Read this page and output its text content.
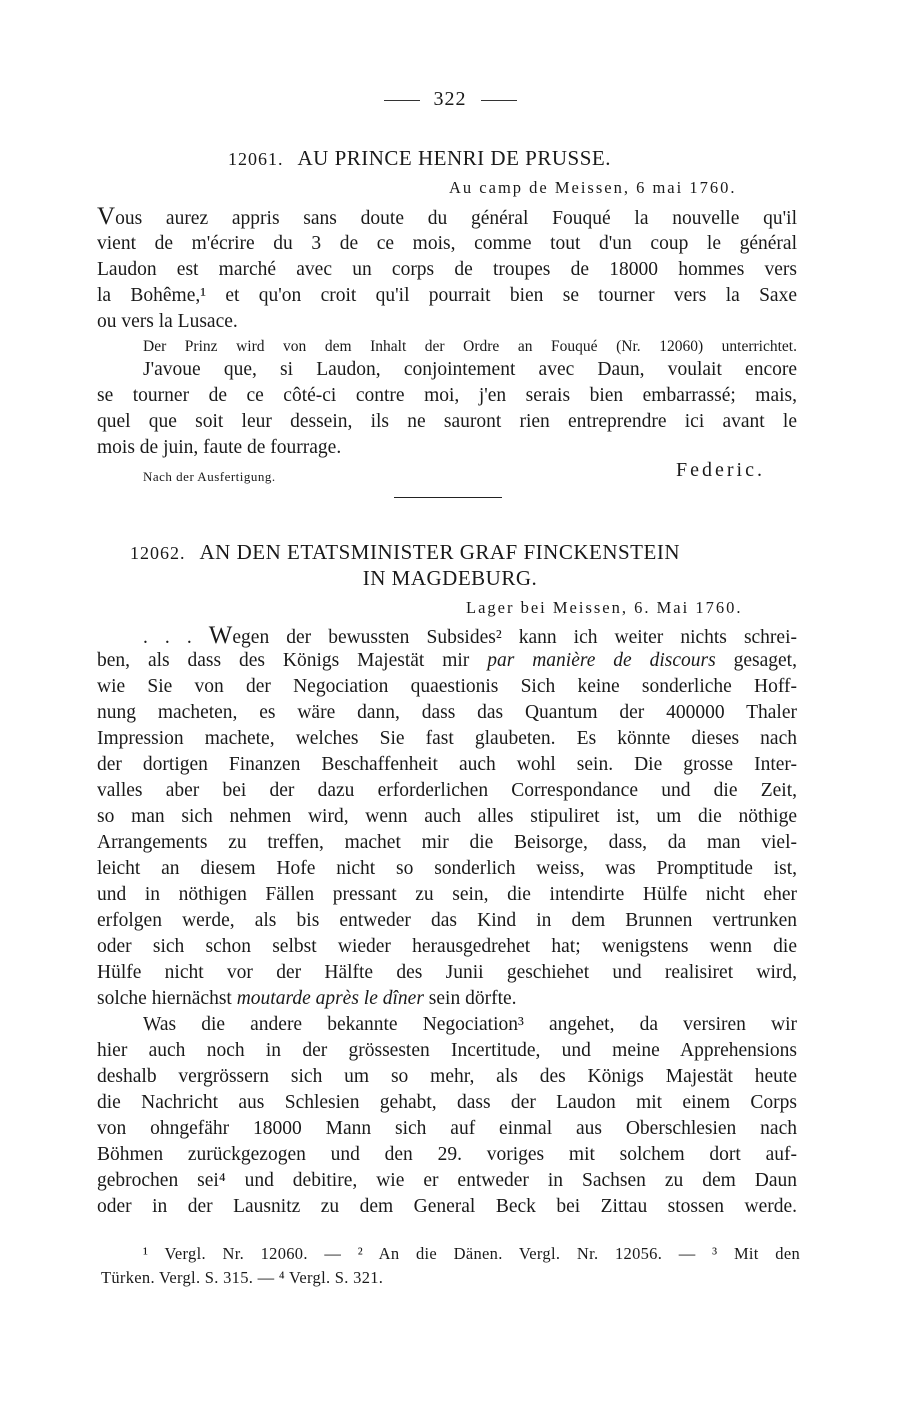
322
12061. AU PRINCE HENRI DE PRUSSE.
Au camp de Meissen, 6 mai 1760.
Vous aurez appris sans doute du général Fouqué la nouvelle qu'il
vient de m'écrire du 3 de ce mois, comme tout d'un coup le général
Laudon est marché avec un corps de troupes de 18000 hommes vers
la Bohême,¹ et qu'on croit qu'il pourrait bien se tourner vers la Saxe
ou vers la Lusace.
Der Prinz wird von dem Inhalt der Ordre an Fouqué (Nr. 12060) unterrichtet.
J'avoue que, si Laudon, conjointement avec Daun, voulait encore
se tourner de ce côté-ci contre moi, j'en serais bien embarrassé; mais,
quel que soit leur dessein, ils ne sauront rien entreprendre ici avant le
mois de juin, faute de fourrage.
Nach der Ausfertigung.	Federic.
12062. AN DEN ETATSMINISTER GRAF FINCKENSTEIN
IN MAGDEBURG.
Lager bei Meissen, 6. Mai 1760.
. . . Wegen der bewussten Subsides² kann ich weiter nichts schrei-
ben, als dass des Königs Majestät mir par manière de discours gesaget,
wie Sie von der Negociation quaestionis Sich keine sonderliche Hoff-
nung macheten, es wäre dann, dass das Quantum der 400000 Thaler
Impression machete, welches Sie fast glaubeten. Es könnte dieses nach
der dortigen Finanzen Beschaffenheit auch wohl sein. Die grosse Inter-
valles aber bei der dazu erforderlichen Correspondance und die Zeit,
so man sich nehmen wird, wenn auch alles stipuliret ist, um die nöthige
Arrangements zu treffen, machet mir die Beisorge, dass, da man viel-
leicht an diesem Hofe nicht so sonderlich weiss, was Promptitude ist,
und in nöthigen Fällen pressant zu sein, die intendirte Hülfe nicht eher
erfolgen werde, als bis entweder das Kind in dem Brunnen vertrunken
oder sich schon selbst wieder herausgedrehet hat; wenigstens wenn die
Hülfe nicht vor der Hälfte des Junii geschiehet und realisiret wird,
solche hiernächst moutarde après le dîner sein dörfte.
Was die andere bekannte Negociation³ angehet, da versiren wir
hier auch noch in der grössesten Incertitude, und meine Apprehensions
deshalb vergrössern sich um so mehr, als des Königs Majestät heute
die Nachricht aus Schlesien gehabt, dass der Laudon mit einem Corps
von ohngefähr 18000 Mann sich auf einmal aus Oberschlesien nach
Böhmen zurückgezogen und den 29. voriges mit solchem dort auf-
gebrochen sei⁴ und debitire, wie er entweder in Sachsen zu dem Daun
oder in der Lausnitz zu dem General Beck bei Zittau stossen werde.
¹ Vergl. Nr. 12060. — ² An die Dänen. Vergl. Nr. 12056. — ³ Mit den
Türken. Vergl. S. 315. — ⁴ Vergl. S. 321.
